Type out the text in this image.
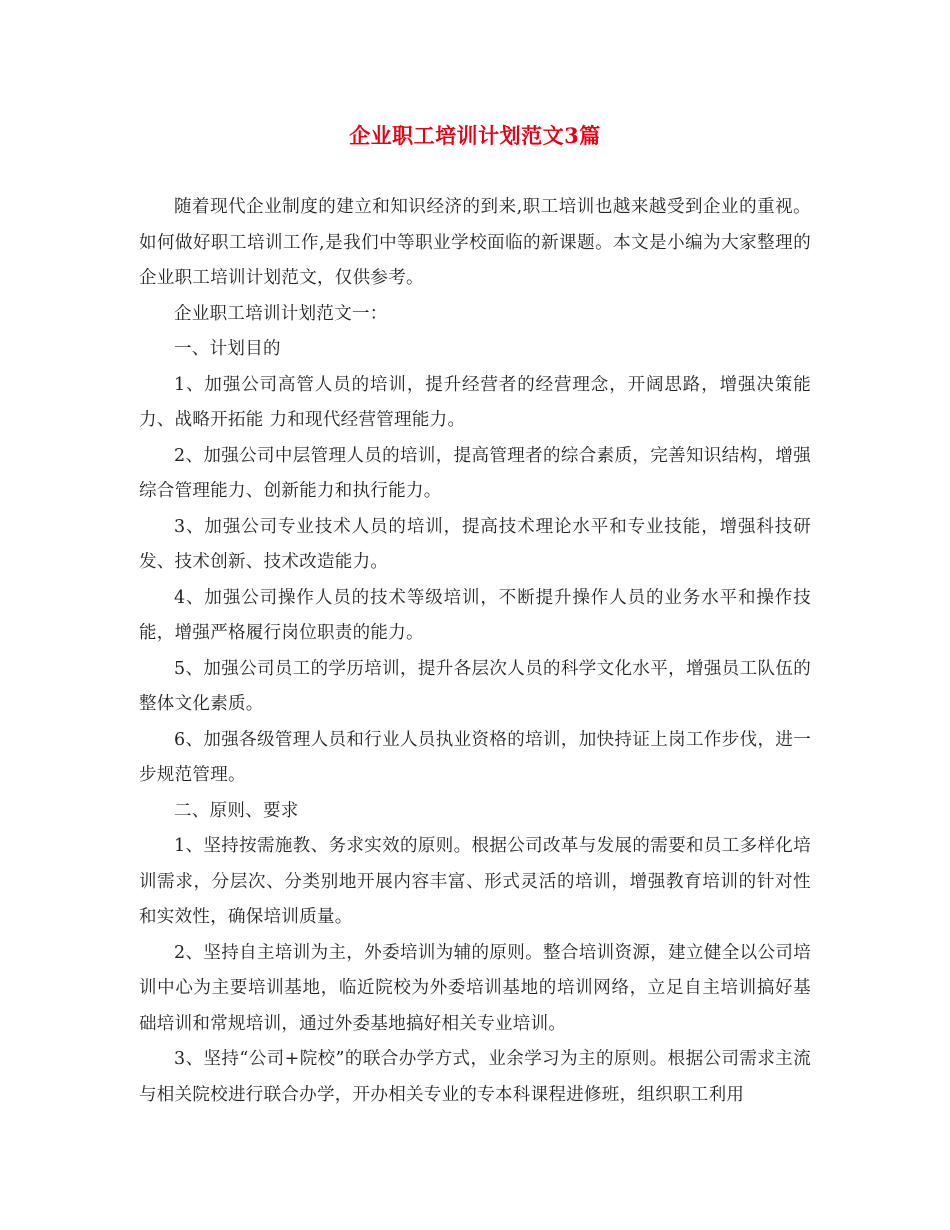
企业职工培训计划范文3篇

随着现代企业制度的建立和知识经济的到来,职工培训也越来越受到企业的重视。如何做好职工培训工作,是我们中等职业学校面临的新课题。本文是小编为大家整理的企业职工培训计划范文，仅供参考。

企业职工培训计划范文一：

一、计划目的

1、加强公司高管人员的培训，提升经营者的经营理念，开阔思路，增强决策能力、战略开拓能 力和现代经营管理能力。

2、加强公司中层管理人员的培训，提高管理者的综合素质，完善知识结构，增强综合管理能力、创新能力和执行能力。

3、加强公司专业技术人员的培训，提高技术理论水平和专业技能，增强科技研发、技术创新、技术改造能力。

4、加强公司操作人员的技术等级培训，不断提升操作人员的业务水平和操作技能，增强严格履行岗位职责的能力。

5、加强公司员工的学历培训，提升各层次人员的科学文化水平，增强员工队伍的整体文化素质。

6、加强各级管理人员和行业人员执业资格的培训，加快持证上岗工作步伐，进一步规范管理。

二、原则、要求

1、坚持按需施教、务求实效的原则。根据公司改革与发展的需要和员工多样化培训需求，分层次、分类别地开展内容丰富、形式灵活的培训，增强教育培训的针对性和实效性，确保培训质量。

2、坚持自主培训为主，外委培训为辅的原则。整合培训资源，建立健全以公司培训中心为主要培训基地，临近院校为外委培训基地的培训网络，立足自主培训搞好基础培训和常规培训，通过外委基地搞好相关专业培训。

3、坚持“公司+院校”的联合办学方式，业余学习为主的原则。根据公司需求主流与相关院校进行联合办学，开办相关专业的专本科课程进修班，组织职工利用
